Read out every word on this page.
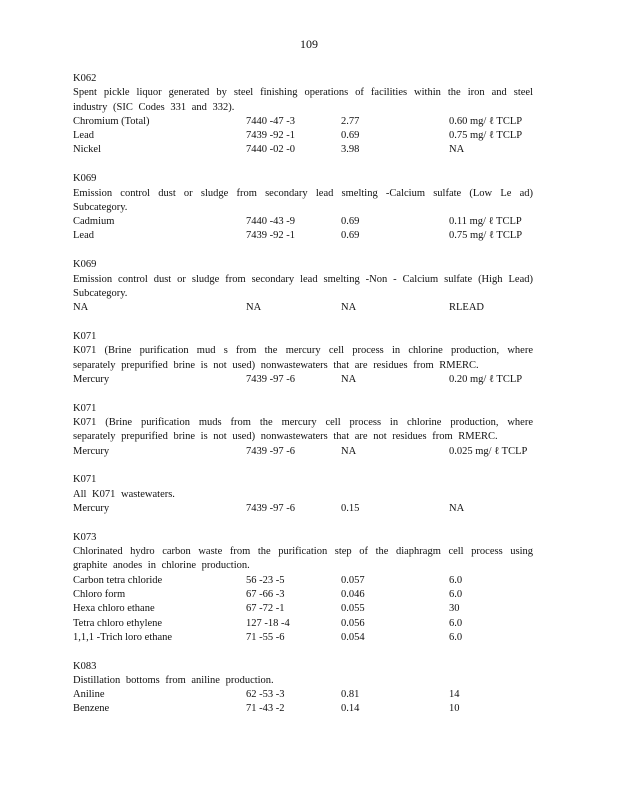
109
K062
Spent pickle liquor generated by steel finishing operations of facilities within the iron and steel industry (SIC Codes 331 and 332).
Chromium (Total)	7440 -47 -3	2.77	0.60 mg/ ℓ TCLP
Lead	7439 -92 -1	0.69	0.75 mg/ ℓ TCLP
Nickel	7440 -02 -0	3.98	NA
K069
Emission control dust or sludge from secondary lead smelting -Calcium sulfate (Low Le ad) Subcategory.
Cadmium	7440 -43 -9	0.69	0.11 mg/ ℓ TCLP
Lead	7439 -92 -1	0.69	0.75 mg/ ℓ TCLP
K069
Emission control dust or sludge from secondary lead smelting -Non - Calcium sulfate (High Lead) Subcategory.
NA	NA	NA	RLEAD
K071
K071 (Brine purification mud s from the mercury cell process in chlorine production, where separately prepurified brine is not used) nonwastewaters that are residues from RMERC.
Mercury	7439 -97 -6	NA	0.20 mg/ ℓ TCLP
K071
K071 (Brine purification muds from the mercury cell process in chlorine production, where separately prepurified brine is not used) nonwastewaters that are not residues from RMERC.
Mercury	7439 -97 -6	NA	0.025 mg/ ℓ TCLP
K071
All K071 wastewaters.
Mercury	7439 -97 -6	0.15	NA
K073
Chlorinated hydro carbon waste from the purification step of the diaphragm cell process using graphite anodes in chlorine production.
Carbon tetra chloride	56 -23 -5	0.057	6.0
Chloro form	67 -66 -3	0.046	6.0
Hexa chloro ethane	67 -72 -1	0.055	30
Tetra chloro ethylene	127 -18 -4	0.056	6.0
1,1,1 -Trich loro ethane	71 -55 -6	0.054	6.0
K083
Distillation bottoms from aniline production.
Aniline	62 -53 -3	0.81	14
Benzene	71 -43 -2	0.14	10
